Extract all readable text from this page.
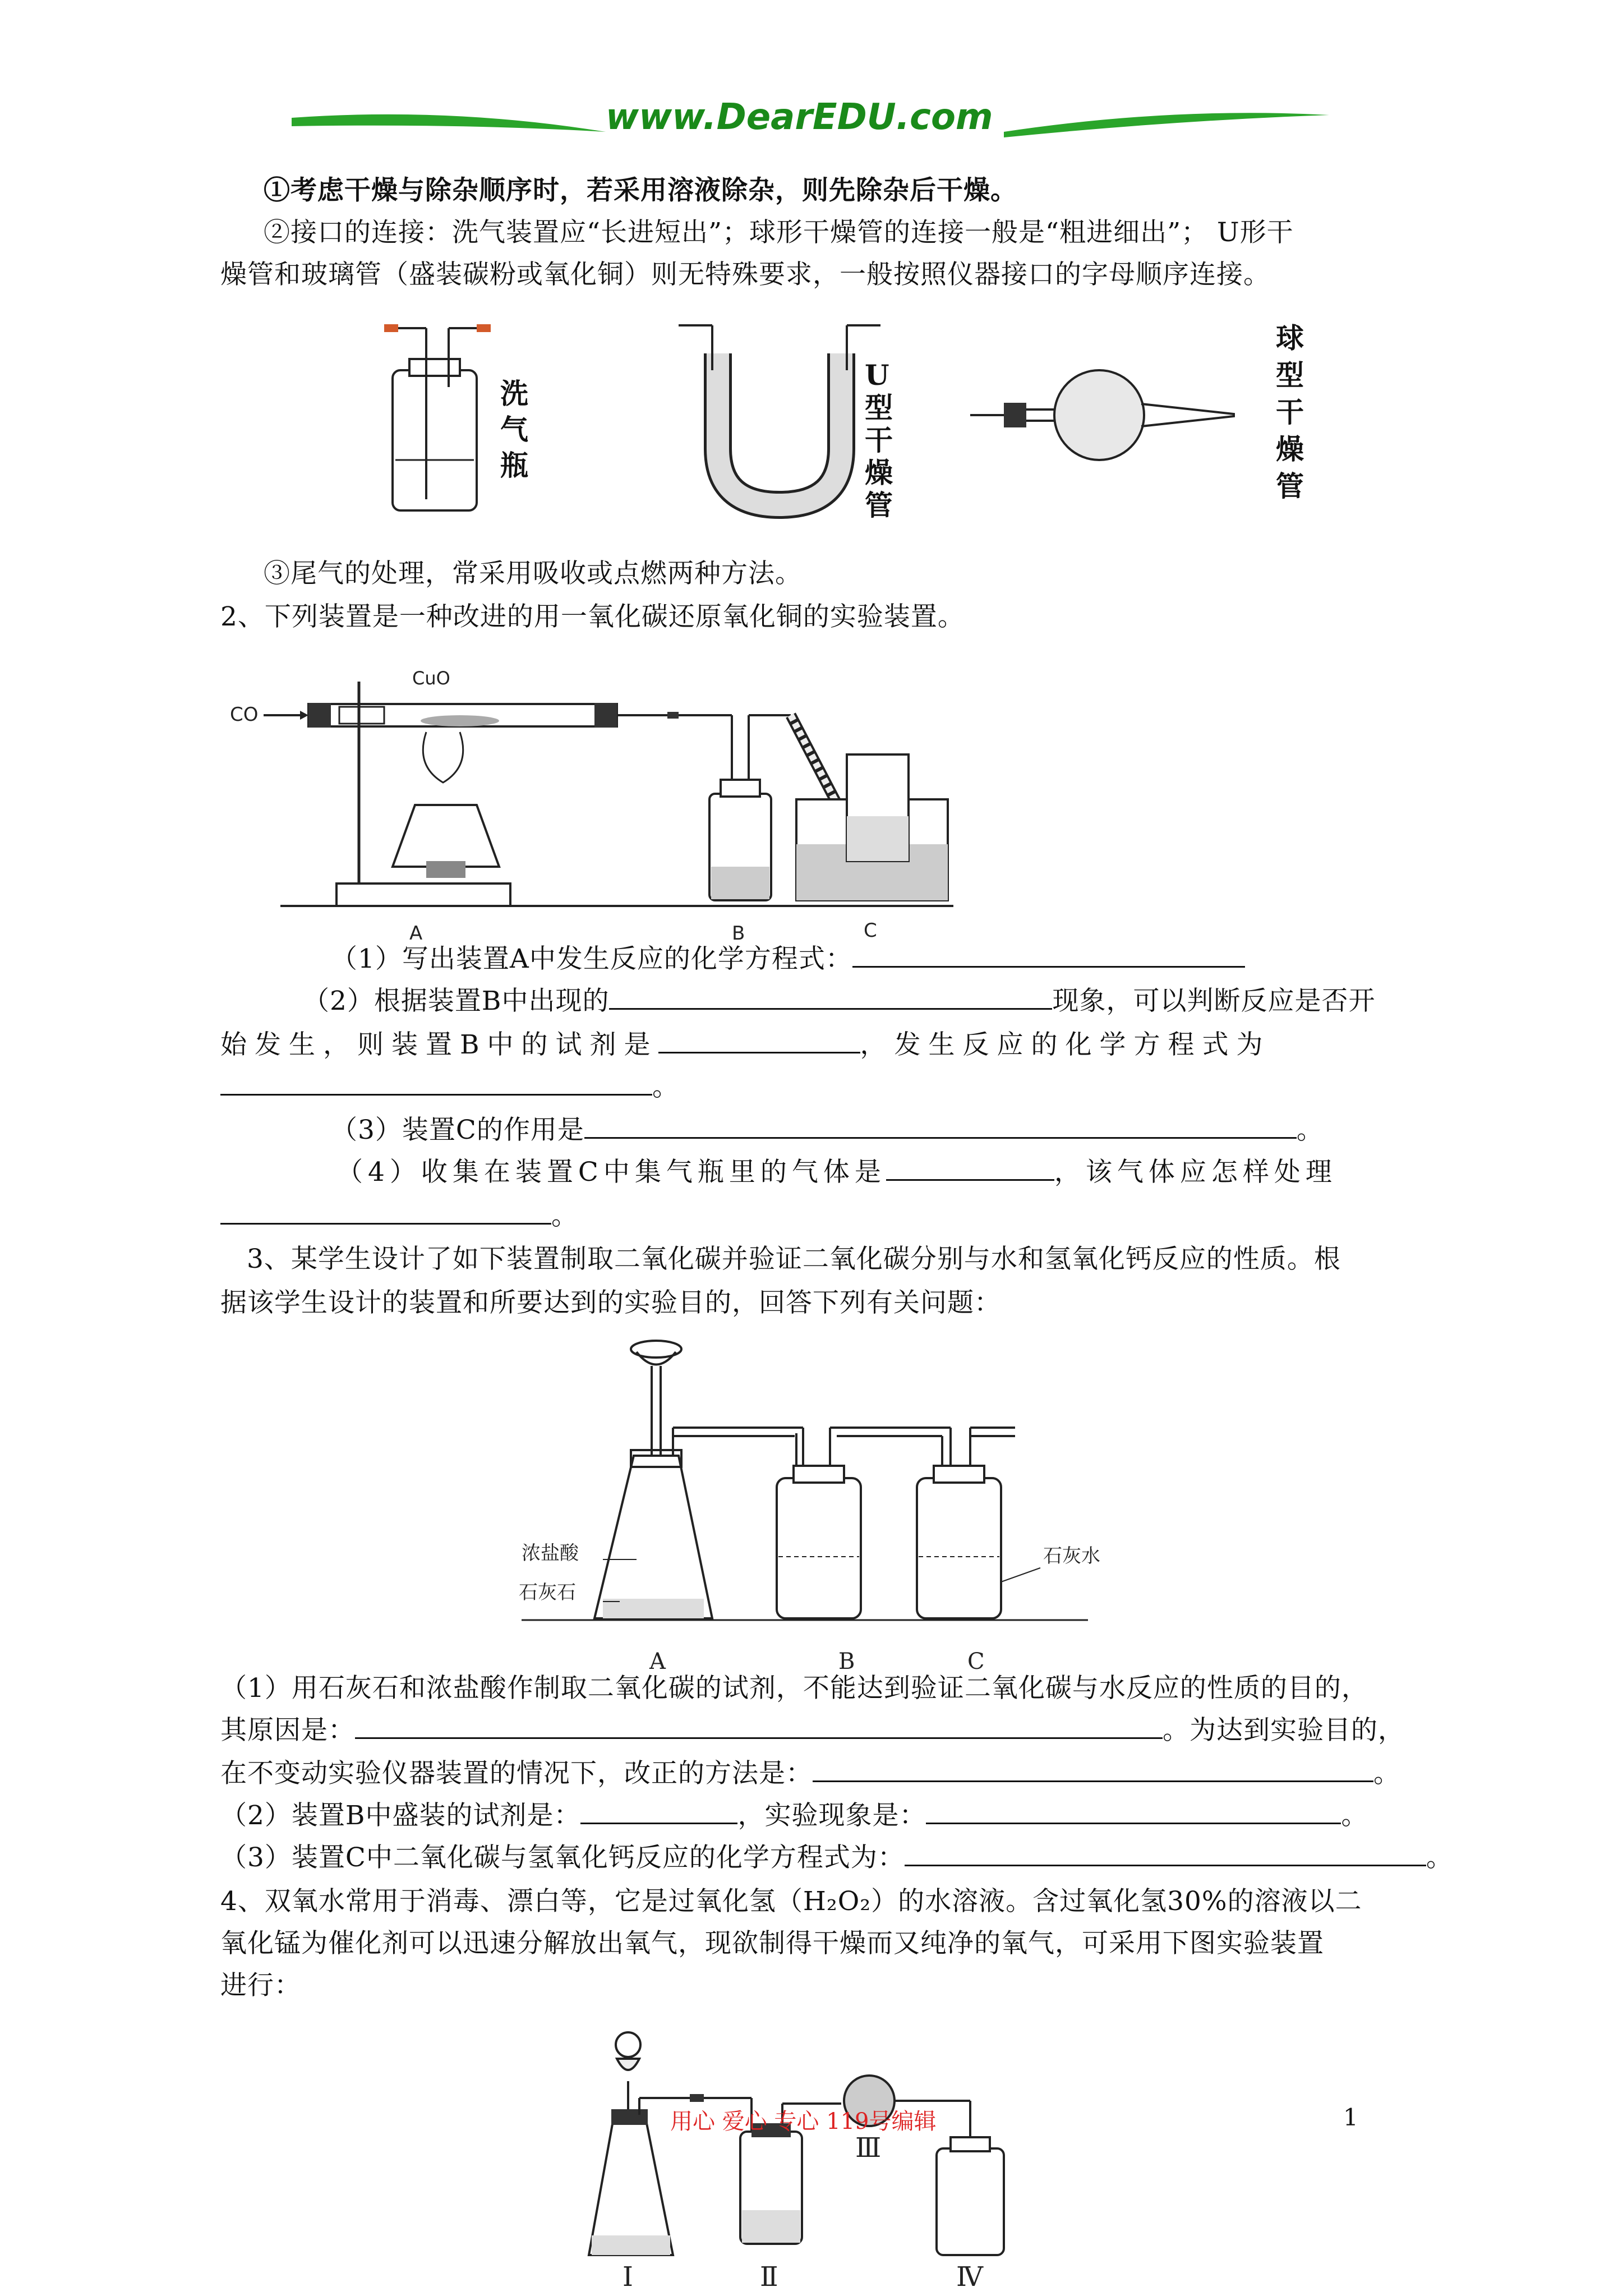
www.DearEDU.com
①考虑干燥与除杂顺序时，若采用溶液除杂，则先除杂后干燥。
②接口的连接：洗气装置应“长进短出”；球形干燥管的连接一般是“粗进细出”； U形干
燥管和玻璃管（盛装碳粉或氧化铜）则无特殊要求，一般按照仪器接口的字母顺序连接。
洗气瓶
U型干燥管
球型干燥管
③尾气的处理，常采用吸收或点燃两种方法。
2、下列装置是一种改进的用一氧化碳还原氧化铜的实验装置。
CO
CuO
A	B	C
（1）写出装置A中发生反应的化学方程式：
（2）根据装置B中出现的	现象，可以判断反应是否开
始发生，则装置B中的试剂是	，发生反应的化学方程式为
。
（3）装置C的作用是	。
（4）收集在装置C中集气瓶里的气体是	，该气体应怎样处理
。
3、某学生设计了如下装置制取二氧化碳并验证二氧化碳分别与水和氢氧化钙反应的性质。根
据该学生设计的装置和所要达到的实验目的，回答下列有关问题：
浓盐酸
石灰石
石灰水
A	B	C
（1）用石灰石和浓盐酸作制取二氧化碳的试剂，不能达到验证二氧化碳与水反应的性质的目的，
其原因是：	。为达到实验目的，
在不变动实验仪器装置的情况下，改正的方法是：	。
（2）装置B中盛装的试剂是：	，实验现象是：	。
（3）装置C中二氧化碳与氢氧化钙反应的化学方程式为：	。
4、双氧水常用于消毒、漂白等，它是过氧化氢（H₂O₂）的水溶液。含过氧化氢30%的溶液以二
氧化锰为催化剂可以迅速分解放出氧气，现欲制得干燥而又纯净的氧气，可采用下图实验装置
进行：
Ⅰ	Ⅱ
Ⅲ
Ⅳ
用心 爱心 专心 119号编辑	1
